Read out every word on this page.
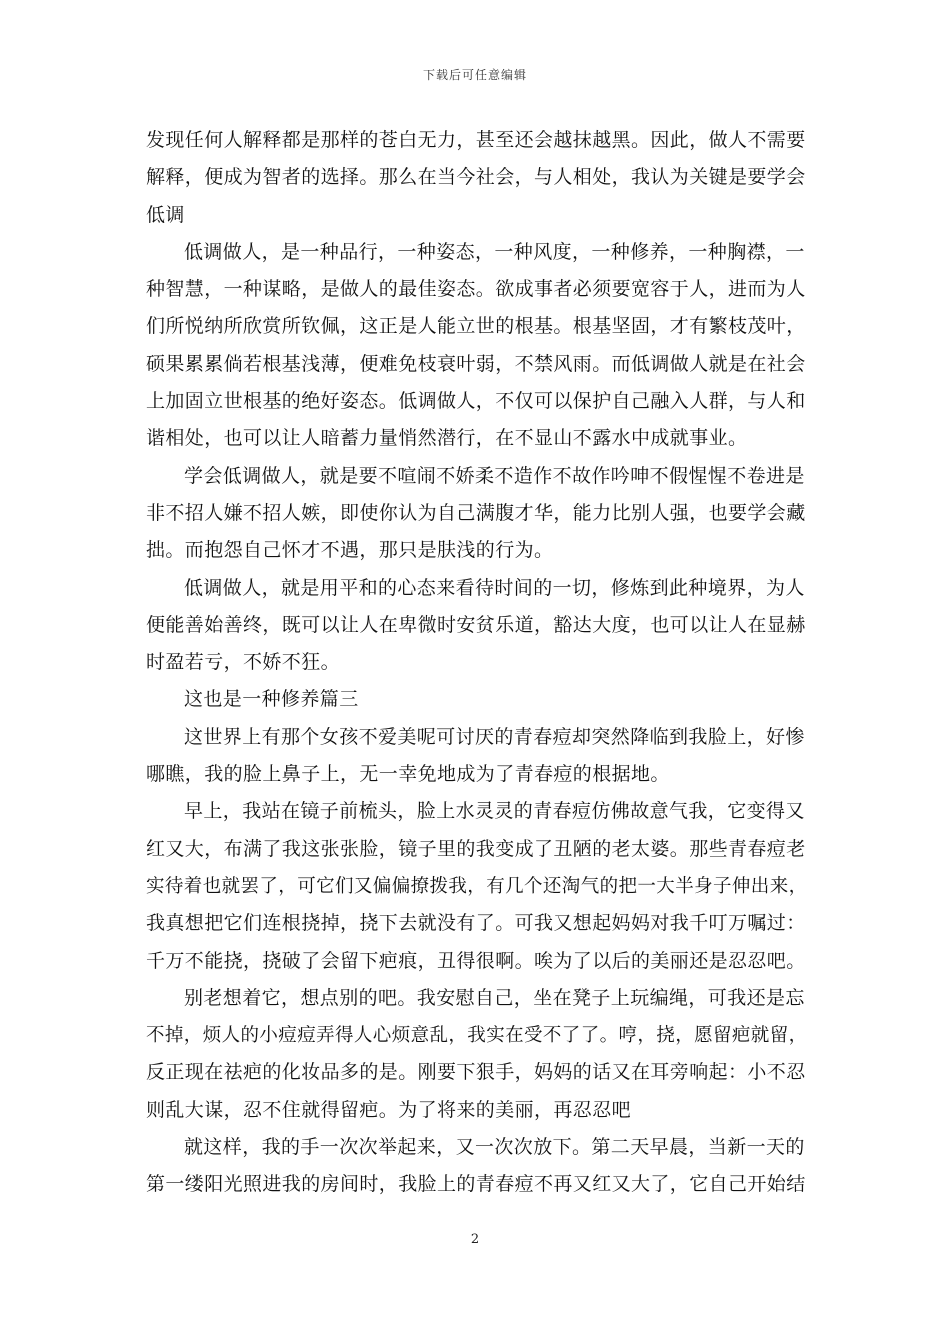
下载后可任意编辑
发现任何人解释都是那样的苍白无力，甚至还会越抹越黑。因此，做人不需要
解释，便成为智者的选择。那么在当今社会，与人相处，我认为关键是要学会
低调
低调做人，是一种品行，一种姿态，一种风度，一种修养，一种胸襟，一
种智慧，一种谋略，是做人的最佳姿态。欲成事者必须要宽容于人，进而为人
们所悦纳所欣赏所钦佩，这正是人能立世的根基。根基坚固，才有繁枝茂叶，
硕果累累倘若根基浅薄，便难免枝衰叶弱，不禁风雨。而低调做人就是在社会
上加固立世根基的绝好姿态。低调做人，不仅可以保护自己融入人群，与人和
谐相处，也可以让人暗蓄力量悄然潜行，在不显山不露水中成就事业。
学会低调做人，就是要不喧闹不娇柔不造作不故作吟呻不假惺惺不卷进是
非不招人嫌不招人嫉，即使你认为自己满腹才华，能力比别人强，也要学会藏
拙。而抱怨自己怀才不遇，那只是肤浅的行为。
低调做人，就是用平和的心态来看待时间的一切，修炼到此种境界，为人
便能善始善终，既可以让人在卑微时安贫乐道，豁达大度，也可以让人在显赫
时盈若亏，不娇不狂。
这也是一种修养篇三
这世界上有那个女孩不爱美呢可讨厌的青春痘却突然降临到我脸上，好惨
哪瞧，我的脸上鼻子上，无一幸免地成为了青春痘的根据地。
早上，我站在镜子前梳头，脸上水灵灵的青春痘仿佛故意气我，它变得又
红又大，布满了我这张张脸，镜子里的我变成了丑陋的老太婆。那些青春痘老
实待着也就罢了，可它们又偏偏撩拨我，有几个还淘气的把一大半身子伸出来，
我真想把它们连根挠掉，挠下去就没有了。可我又想起妈妈对我千叮万嘱过：
千万不能挠，挠破了会留下疤痕，丑得很啊。唉为了以后的美丽还是忍忍吧。
别老想着它，想点别的吧。我安慰自己，坐在凳子上玩编绳，可我还是忘
不掉，烦人的小痘痘弄得人心烦意乱，我实在受不了了。哼，挠，愿留疤就留，
反正现在祛疤的化妆品多的是。刚要下狠手，妈妈的话又在耳旁响起：小不忍
则乱大谋，忍不住就得留疤。为了将来的美丽，再忍忍吧
就这样，我的手一次次举起来，又一次次放下。第二天早晨，当新一天的
第一缕阳光照进我的房间时，我脸上的青春痘不再又红又大了，它自己开始结
2
